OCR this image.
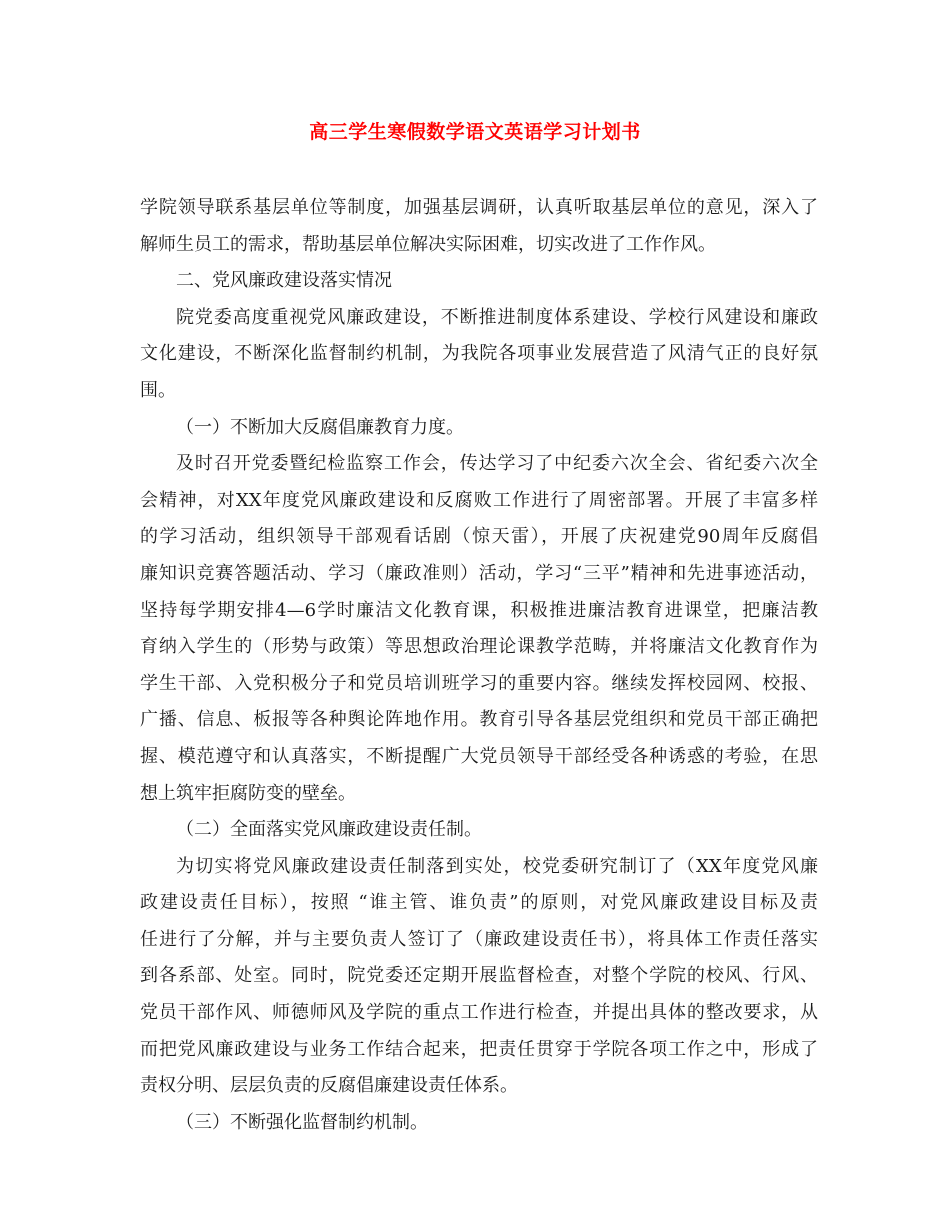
高三学生寒假数学语文英语学习计划书
学院领导联系基层单位等制度，加强基层调研，认真听取基层单位的意见，深入了
解师生员工的需求，帮助基层单位解决实际困难，切实改进了工作作风。
二、党风廉政建设落实情况
院党委高度重视党风廉政建设，不断推进制度体系建设、学校行风建设和廉政
文化建设，不断深化监督制约机制，为我院各项事业发展营造了风清气正的良好氛
围。
（一）不断加大反腐倡廉教育力度。
及时召开党委暨纪检监察工作会，传达学习了中纪委六次全会、省纪委六次全
会精神，对XX年度党风廉政建设和反腐败工作进行了周密部署。开展了丰富多样
的学习活动，组织领导干部观看话剧（惊天雷），开展了庆祝建党90周年反腐倡
廉知识竞赛答题活动、学习（廉政准则）活动，学习“三平”精神和先进事迹活动，
坚持每学期安排4—6学时廉洁文化教育课，积极推进廉洁教育进课堂，把廉洁教
育纳入学生的（形势与政策）等思想政治理论课教学范畴，并将廉洁文化教育作为
学生干部、入党积极分子和党员培训班学习的重要内容。继续发挥校园网、校报、
广播、信息、板报等各种舆论阵地作用。教育引导各基层党组织和党员干部正确把
握、模范遵守和认真落实，不断提醒广大党员领导干部经受各种诱惑的考验，在思
想上筑牢拒腐防变的壁垒。
（二）全面落实党风廉政建设责任制。
为切实将党风廉政建设责任制落到实处，校党委研究制订了（XX年度党风廉
政建设责任目标），按照 “谁主管、谁负责”的原则，对党风廉政建设目标及责
任进行了分解，并与主要负责人签订了（廉政建设责任书），将具体工作责任落实
到各系部、处室。同时，院党委还定期开展监督检查，对整个学院的校风、行风、
党员干部作风、师德师风及学院的重点工作进行检查，并提出具体的整改要求，从
而把党风廉政建设与业务工作结合起来，把责任贯穿于学院各项工作之中，形成了
责权分明、层层负责的反腐倡廉建设责任体系。
（三）不断强化监督制约机制。
